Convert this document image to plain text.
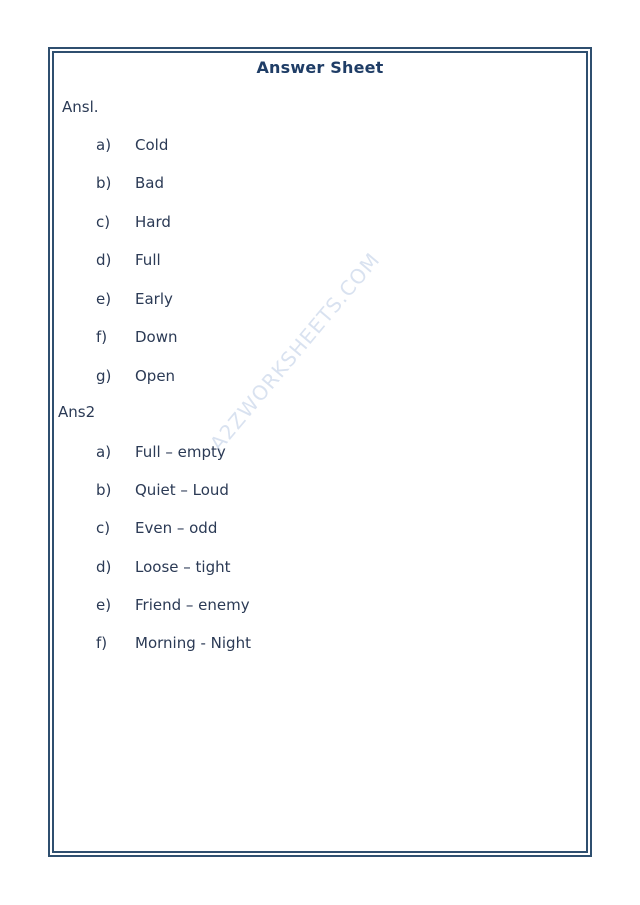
Answer Sheet
A2ZWORKSHEETS.COM
Ansl.
a) Cold
b) Bad
c) Hard
d) Full
e) Early
f) Down
g) Open
Ans2
a) Full – empty
b) Quiet – Loud
c) Even – odd
d) Loose – tight
e) Friend – enemy
f) Morning - Night
